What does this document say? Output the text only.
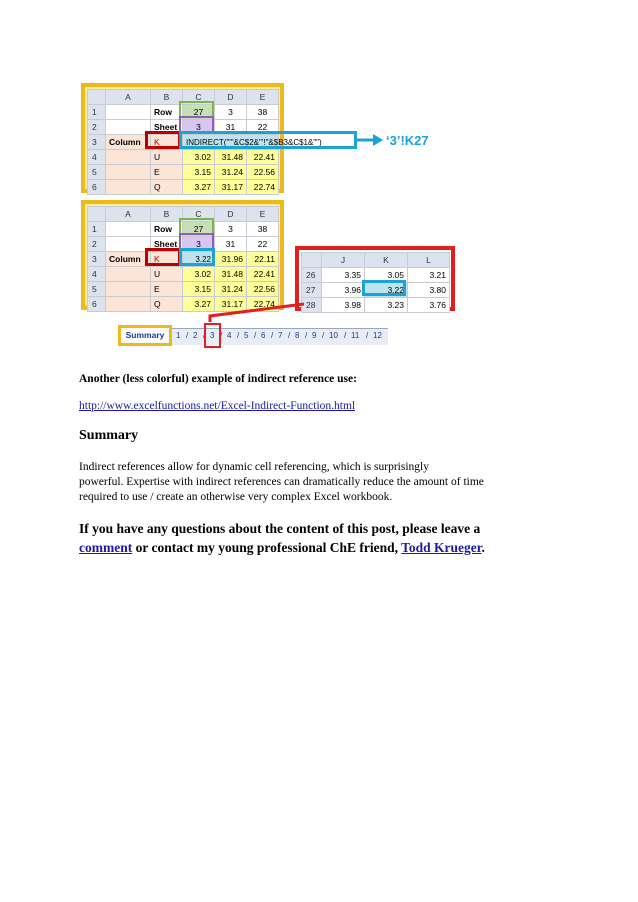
	A	B	C	D	E
1		Row	27	3	38
2		Sheet	3	31	22
3	Column	K	INDIRECT("'"&C$2&"'!"&$B3&C$1&"")		
4		U	3.02	31.48	22.41
5		E	3.15	31.24	22.56
6		Q	3.27	31.17	22.74
‘3’!K27
	A	B	C	D	E
1		Row	27	3	38
2		Sheet	3	31	22
3	Column	K	3.22	31.96	22.11
4		U	3.02	31.48	22.41
5		E	3.15	31.24	22.56
6		Q	3.27	31.17	22.74
	J	K	L
26	3.35	3.05	3.21
27	3.96	3.22	3.80
28	3.98	3.23	3.76
Summary	1 / 2 / 3 / 4 / 5 / 6 / 7 / 8 / 9 / 10 / 11 / 12

Another (less colorful) example of indirect reference use:

http://www.excelfunctions.net/Excel-Indirect-Function.html

Summary

Indirect references allow for dynamic cell referencing, which is surprisingly

powerful. Expertise with indirect references can dramatically reduce the amount of time

required to use / create an otherwise very complex Excel workbook.

If you have any questions about the content of this post, please leave a

comment or contact my young professional ChE friend, Todd Krueger.
